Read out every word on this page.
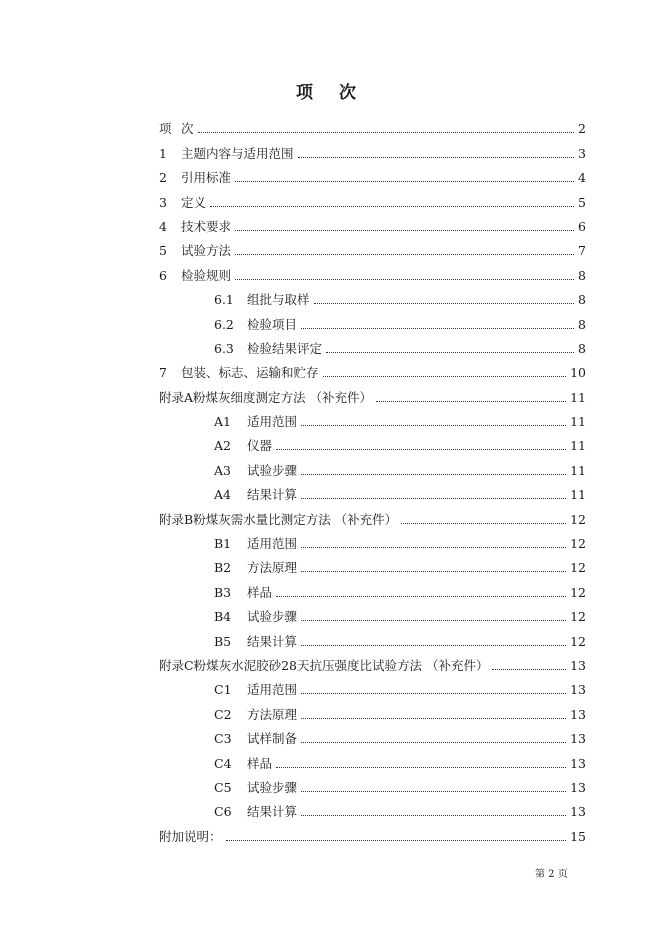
项 次
项 次	2
1	主题内容与适用范围	3
2	引用标准	4
3	定义	5
4	技术要求	6
5	试验方法	7
6	检验规则	8
6.1	组批与取样	8
6.2	检验项目	8
6.3	检验结果评定	8
7	包装、标志、运输和贮存	10
附录A 粉煤灰细度测定方法 （补充件）	11
A1	适用范围	11
A2	仪器	11
A3	试验步骤	11
A4	结果计算	11
附录B 粉煤灰需水量比测定方法 （补充件）	12
B1	适用范围	12
B2	方法原理	12
B3	样品	12
B4	试验步骤	12
B5	结果计算	12
附录C 粉煤灰水泥胶砂28天抗压强度比试验方法 （补充件）	13
C1	适用范围	13
C2	方法原理	13
C3	试样制备	13
C4	样品	13
C5	试验步骤	13
C6	结果计算	13
附加说明：	15
第 2 页
